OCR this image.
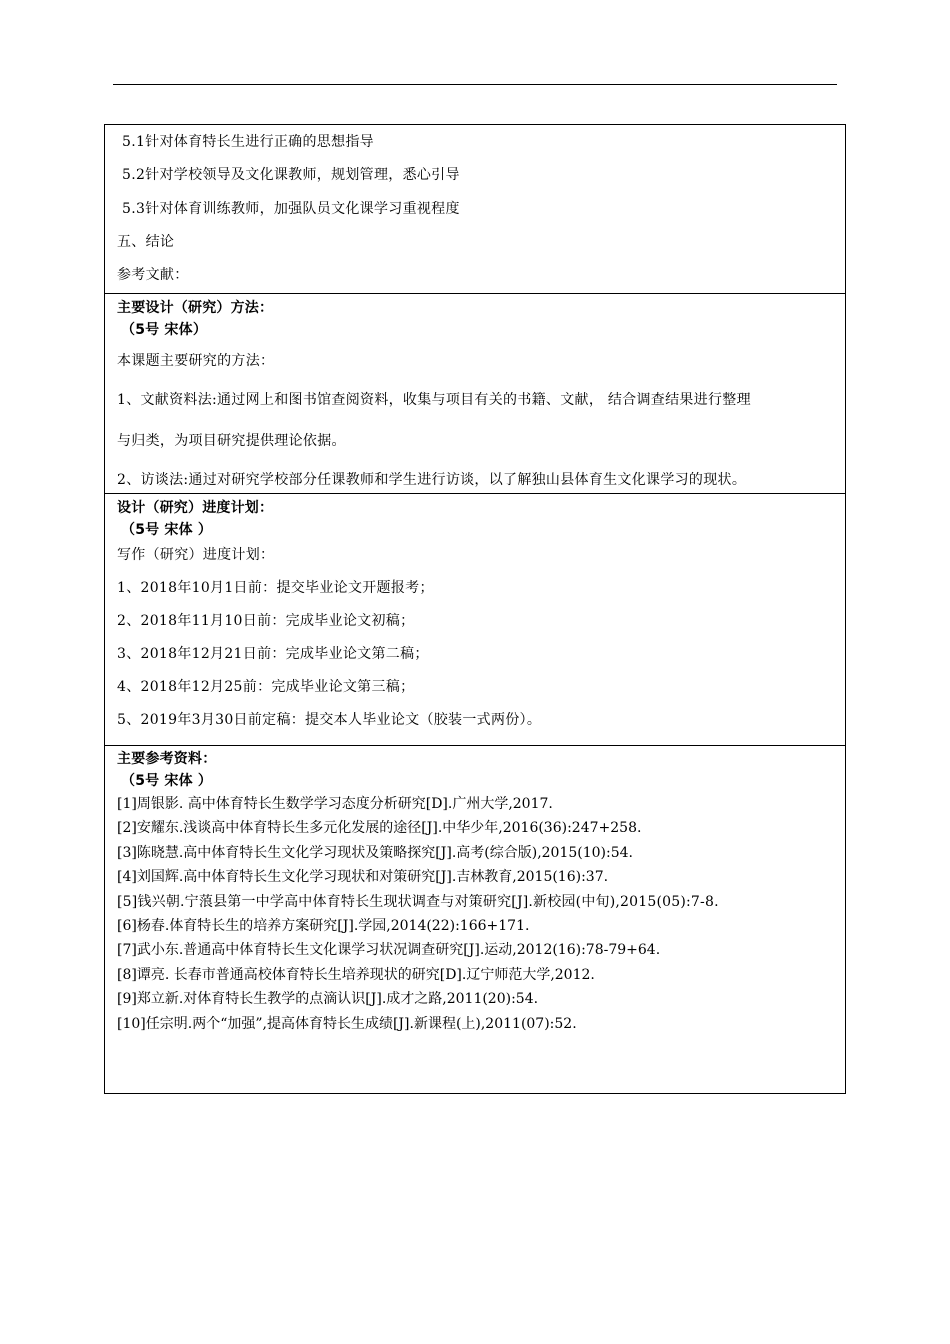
5.1针对体育特长生进行正确的思想指导
5.2针对学校领导及文化课教师，规划管理，悉心引导
5.3针对体育训练教师，加强队员文化课学习重视程度
五、结论
参考文献：
主要设计（研究）方法：
（5号 宋体）
本课题主要研究的方法：
1、文献资料法:通过网上和图书馆查阅资料，收集与项目有关的书籍、文献， 结合调查结果进行整理
与归类，为项目研究提供理论依据。
2、访谈法:通过对研究学校部分任课教师和学生进行访谈，以了解独山县体育生文化课学习的现状。
设计（研究）进度计划：
（5号 宋体 ）
写作（研究）进度计划：
1、2018年10月1日前：提交毕业论文开题报考；
2、2018年11月10日前：完成毕业论文初稿；
3、2018年12月21日前：完成毕业论文第二稿；
4、2018年12月25前：完成毕业论文第三稿；
5、2019年3月30日前定稿：提交本人毕业论文（胶装一式两份）。
主要参考资料：
（5号 宋体 ）
[1]周银影. 高中体育特长生数学学习态度分析研究[D].广州大学,2017.
[2]安耀东.浅谈高中体育特长生多元化发展的途径[J].中华少年,2016(36):247+258.
[3]陈晓慧.高中体育特长生文化学习现状及策略探究[J].高考(综合版),2015(10):54.
[4]刘国辉.高中体育特长生文化学习现状和对策研究[J].吉林教育,2015(16):37.
[5]钱兴朝.宁蒗县第一中学高中体育特长生现状调查与对策研究[J].新校园(中旬),2015(05):7-8.
[6]杨春.体育特长生的培养方案研究[J].学园,2014(22):166+171.
[7]武小东.普通高中体育特长生文化课学习状况调查研究[J].运动,2012(16):78-79+64.
[8]谭亮. 长春市普通高校体育特长生培养现状的研究[D].辽宁师范大学,2012.
[9]郑立新.对体育特长生教学的点滴认识[J].成才之路,2011(20):54.
[10]任宗明.两个“加强”,提高体育特长生成绩[J].新课程(上),2011(07):52.
